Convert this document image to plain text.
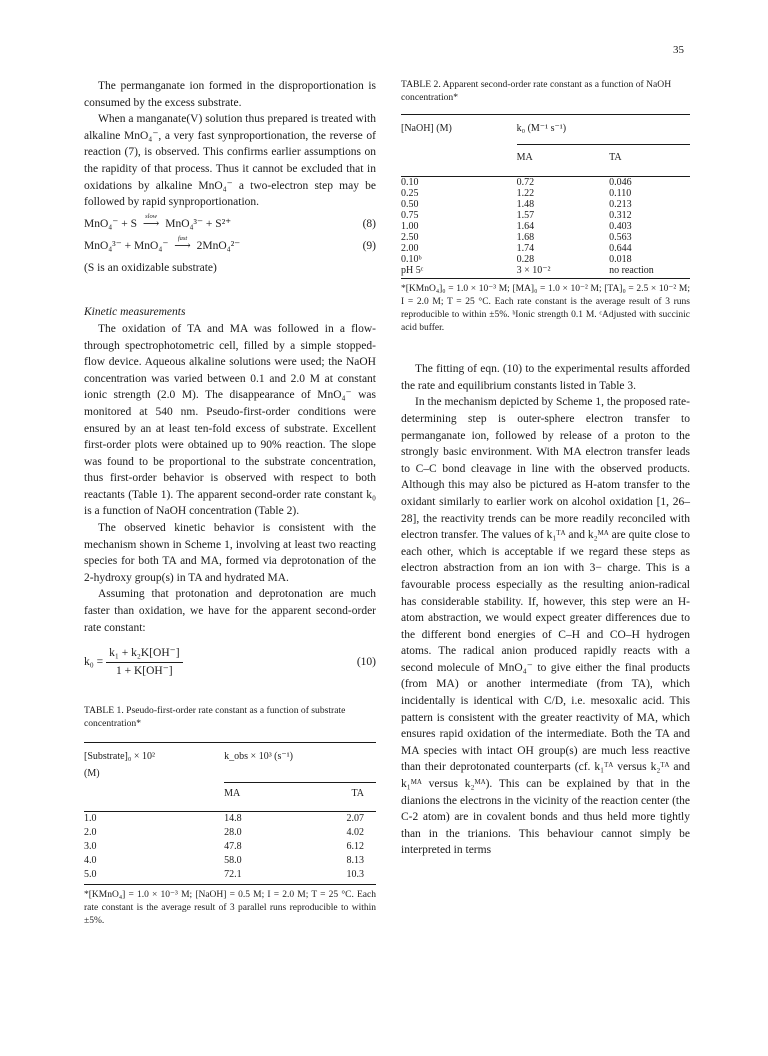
35

The permanganate ion formed in the disproportionation is consumed by the excess substrate.

When a manganate(V) solution thus prepared is treated with alkaline MnO₄⁻, a very fast synproportionation, the reverse of reaction (7), is observed. This confirms earlier assumptions on the rapidity of that process. Thus it cannot be excluded that in oxidations by alkaline MnO₄⁻ a two-electron step may be followed by rapid synproportionation.

MnO₄⁻ + S
slow
⟶ MnO₄³⁻ + S²⁺	(8)
MnO₄³⁻ + MnO₄⁻
fast
⟶ 2MnO₄²⁻	(9)

(S is an oxidizable substrate)

Kinetic measurements

The oxidation of TA and MA was followed in a flow-through spectrophotometric cell, filled by a simple stopped-flow device. Aqueous alkaline solutions were used; the NaOH concentration was varied between 0.1 and 2.0 M at constant ionic strength (2.0 M). The disappearance of MnO₄⁻ was monitored at 540 nm. Pseudo-first-order conditions were ensured by an at least ten-fold excess of substrate. Excellent first-order plots were obtained up to 90% reaction. The slope was found to be proportional to the substrate concentration, thus first-order behavior is observed with respect to both reactants (Table 1). The apparent second-order rate constant k₀ is a function of NaOH concentration (Table 2).

The observed kinetic behavior is consistent with the mechanism shown in Scheme 1, involving at least two reacting species for both TA and MA, formed via deprotonation of the 2-hydroxy group(s) in TA and hydrated MA.

Assuming that protonation and deprotonation are much faster than oxidation, we have for the apparent second-order rate constant:

$k_0 = \frac{\text{k₁ + k₂K[OH⁻]}}{1 + K[OH^-]}$	(10)
TABLE 1. Pseudo-first-order rate constant as a function of substrate concentration*
[Substrate]₀ × 10²	k_obs × 10³ (s⁻¹)	
(M)		
	MA	TA

1.0	14.8	2.07
2.0	28.0	4.02
3.0	47.8	6.12
4.0	58.0	8.13
5.0	72.1	10.3

*[KMnO₄] = 1.0 × 10⁻³ M; [NaOH] = 0.5 M; I = 2.0 M; T = 25 °C. Each rate constant is the average result of 3 parallel runs reproducible to within ±5%.
TABLE 2. Apparent second-order rate constant as a function of NaOH concentration*
[NaOH] (M)	k₀ (M⁻¹ s⁻¹)	

	MA	TA

0.10	0.72	0.046
0.25	1.22	0.110
0.50	1.48	0.213
0.75	1.57	0.312
1.00	1.64	0.403
2.50	1.68	0.563
2.00	1.74	0.644
0.10ᵇ	0.28	0.018
pH 5ᶜ	3 × 10⁻²	no reaction

*[KMnO₄]₀ = 1.0 × 10⁻³ M; [MA]₀ = 1.0 × 10⁻² M; [TA]₀ = 2.5 × 10⁻² M; I = 2.0 M; T = 25 °C. Each rate constant is the average result of 3 runs reproducible to within ±5%. ᵇIonic strength 0.1 M. ᶜAdjusted with succinic acid buffer.

The fitting of eqn. (10) to the experimental results afforded the rate and equilibrium constants listed in Table 3.

In the mechanism depicted by Scheme 1, the proposed rate-determining step is outer-sphere electron transfer to permanganate ion, followed by release of a proton to the strongly basic environment. With MA electron transfer leads to C–C bond cleavage in line with the observed products. Although this may also be pictured as H-atom transfer to the oxidant similarly to earlier work on alcohol oxidation [1, 26–28], the reactivity trends can be more readily reconciled with electron transfer. The values of k₁ᵀᴬ and k₂ᴹᴬ are quite close to each other, which is acceptable if we regard these steps as electron abstraction from an ion with 3− charge. This is a favourable process especially as the resulting anion-radical has considerable stability. If, however, this step were an H-atom abstraction, we would expect greater differences due to the different bond energies of C–H and CO–H hydrogen atoms. The radical anion produced rapidly reacts with a second molecule of MnO₄⁻ to give either the final products (from MA) or another intermediate (from TA), which incidentally is identical with C/D, i.e. mesoxalic acid. This pattern is consistent with the greater reactivity of MA, which ensures rapid oxidation of the intermediate. Both the TA and MA species with intact OH group(s) are much less reactive than their deprotonated counterparts (cf. k₁ᵀᴬ versus k₂ᵀᴬ and k₁ᴹᴬ versus k₂ᴹᴬ). This can be explained by that in the dianions the electrons in the vicinity of the reaction center (the C-2 atom) are in covalent bonds and thus held more tightly than in the trianions. This behaviour cannot simply be interpreted in terms
